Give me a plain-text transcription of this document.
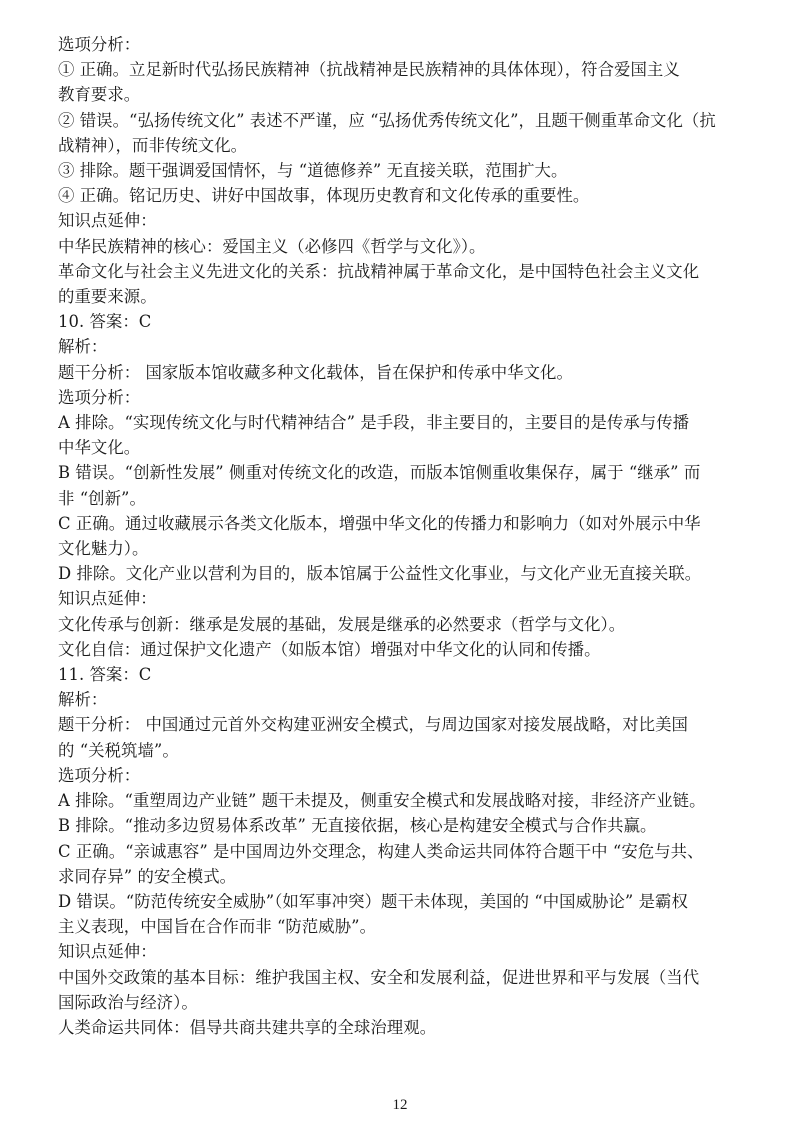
选项分析：
① 正确。立足新时代弘扬民族精神（抗战精神是民族精神的具体体现），符合爱国主义
教育要求。
② 错误。“弘扬传统文化” 表述不严谨，应 “弘扬优秀传统文化”，且题干侧重革命文化（抗
战精神），而非传统文化。
③ 排除。题干强调爱国情怀，与 “道德修养” 无直接关联，范围扩大。
④ 正确。铭记历史、讲好中国故事，体现历史教育和文化传承的重要性。
知识点延伸：
中华民族精神的核心：爱国主义（必修四《哲学与文化》）。
革命文化与社会主义先进文化的关系：抗战精神属于革命文化，是中国特色社会主义文化
的重要来源。
10. 答案：C
解析：
题干分析： 国家版本馆收藏多种文化载体，旨在保护和传承中华文化。
选项分析：
A 排除。“实现传统文化与时代精神结合” 是手段，非主要目的，主要目的是传承与传播
中华文化。
B 错误。“创新性发展” 侧重对传统文化的改造，而版本馆侧重收集保存，属于 “继承” 而
非 “创新”。
C 正确。通过收藏展示各类文化版本，增强中华文化的传播力和影响力（如对外展示中华
文化魅力）。
D 排除。文化产业以营利为目的，版本馆属于公益性文化事业，与文化产业无直接关联。
知识点延伸：
文化传承与创新：继承是发展的基础，发展是继承的必然要求（哲学与文化）。
文化自信：通过保护文化遗产（如版本馆）增强对中华文化的认同和传播。
11. 答案：C
解析：
题干分析： 中国通过元首外交构建亚洲安全模式，与周边国家对接发展战略，对比美国
的 “关税筑墙”。
选项分析：
A 排除。“重塑周边产业链” 题干未提及，侧重安全模式和发展战略对接，非经济产业链。
B 排除。“推动多边贸易体系改革” 无直接依据，核心是构建安全模式与合作共赢。
C 正确。“亲诚惠容” 是中国周边外交理念，构建人类命运共同体符合题干中 “安危与共、
求同存异” 的安全模式。
D 错误。“防范传统安全威胁”（如军事冲突）题干未体现，美国的 “中国威胁论” 是霸权
主义表现，中国旨在合作而非 “防范威胁”。
知识点延伸：
中国外交政策的基本目标：维护我国主权、安全和发展利益，促进世界和平与发展（当代
国际政治与经济）。
人类命运共同体：倡导共商共建共享的全球治理观。
12
